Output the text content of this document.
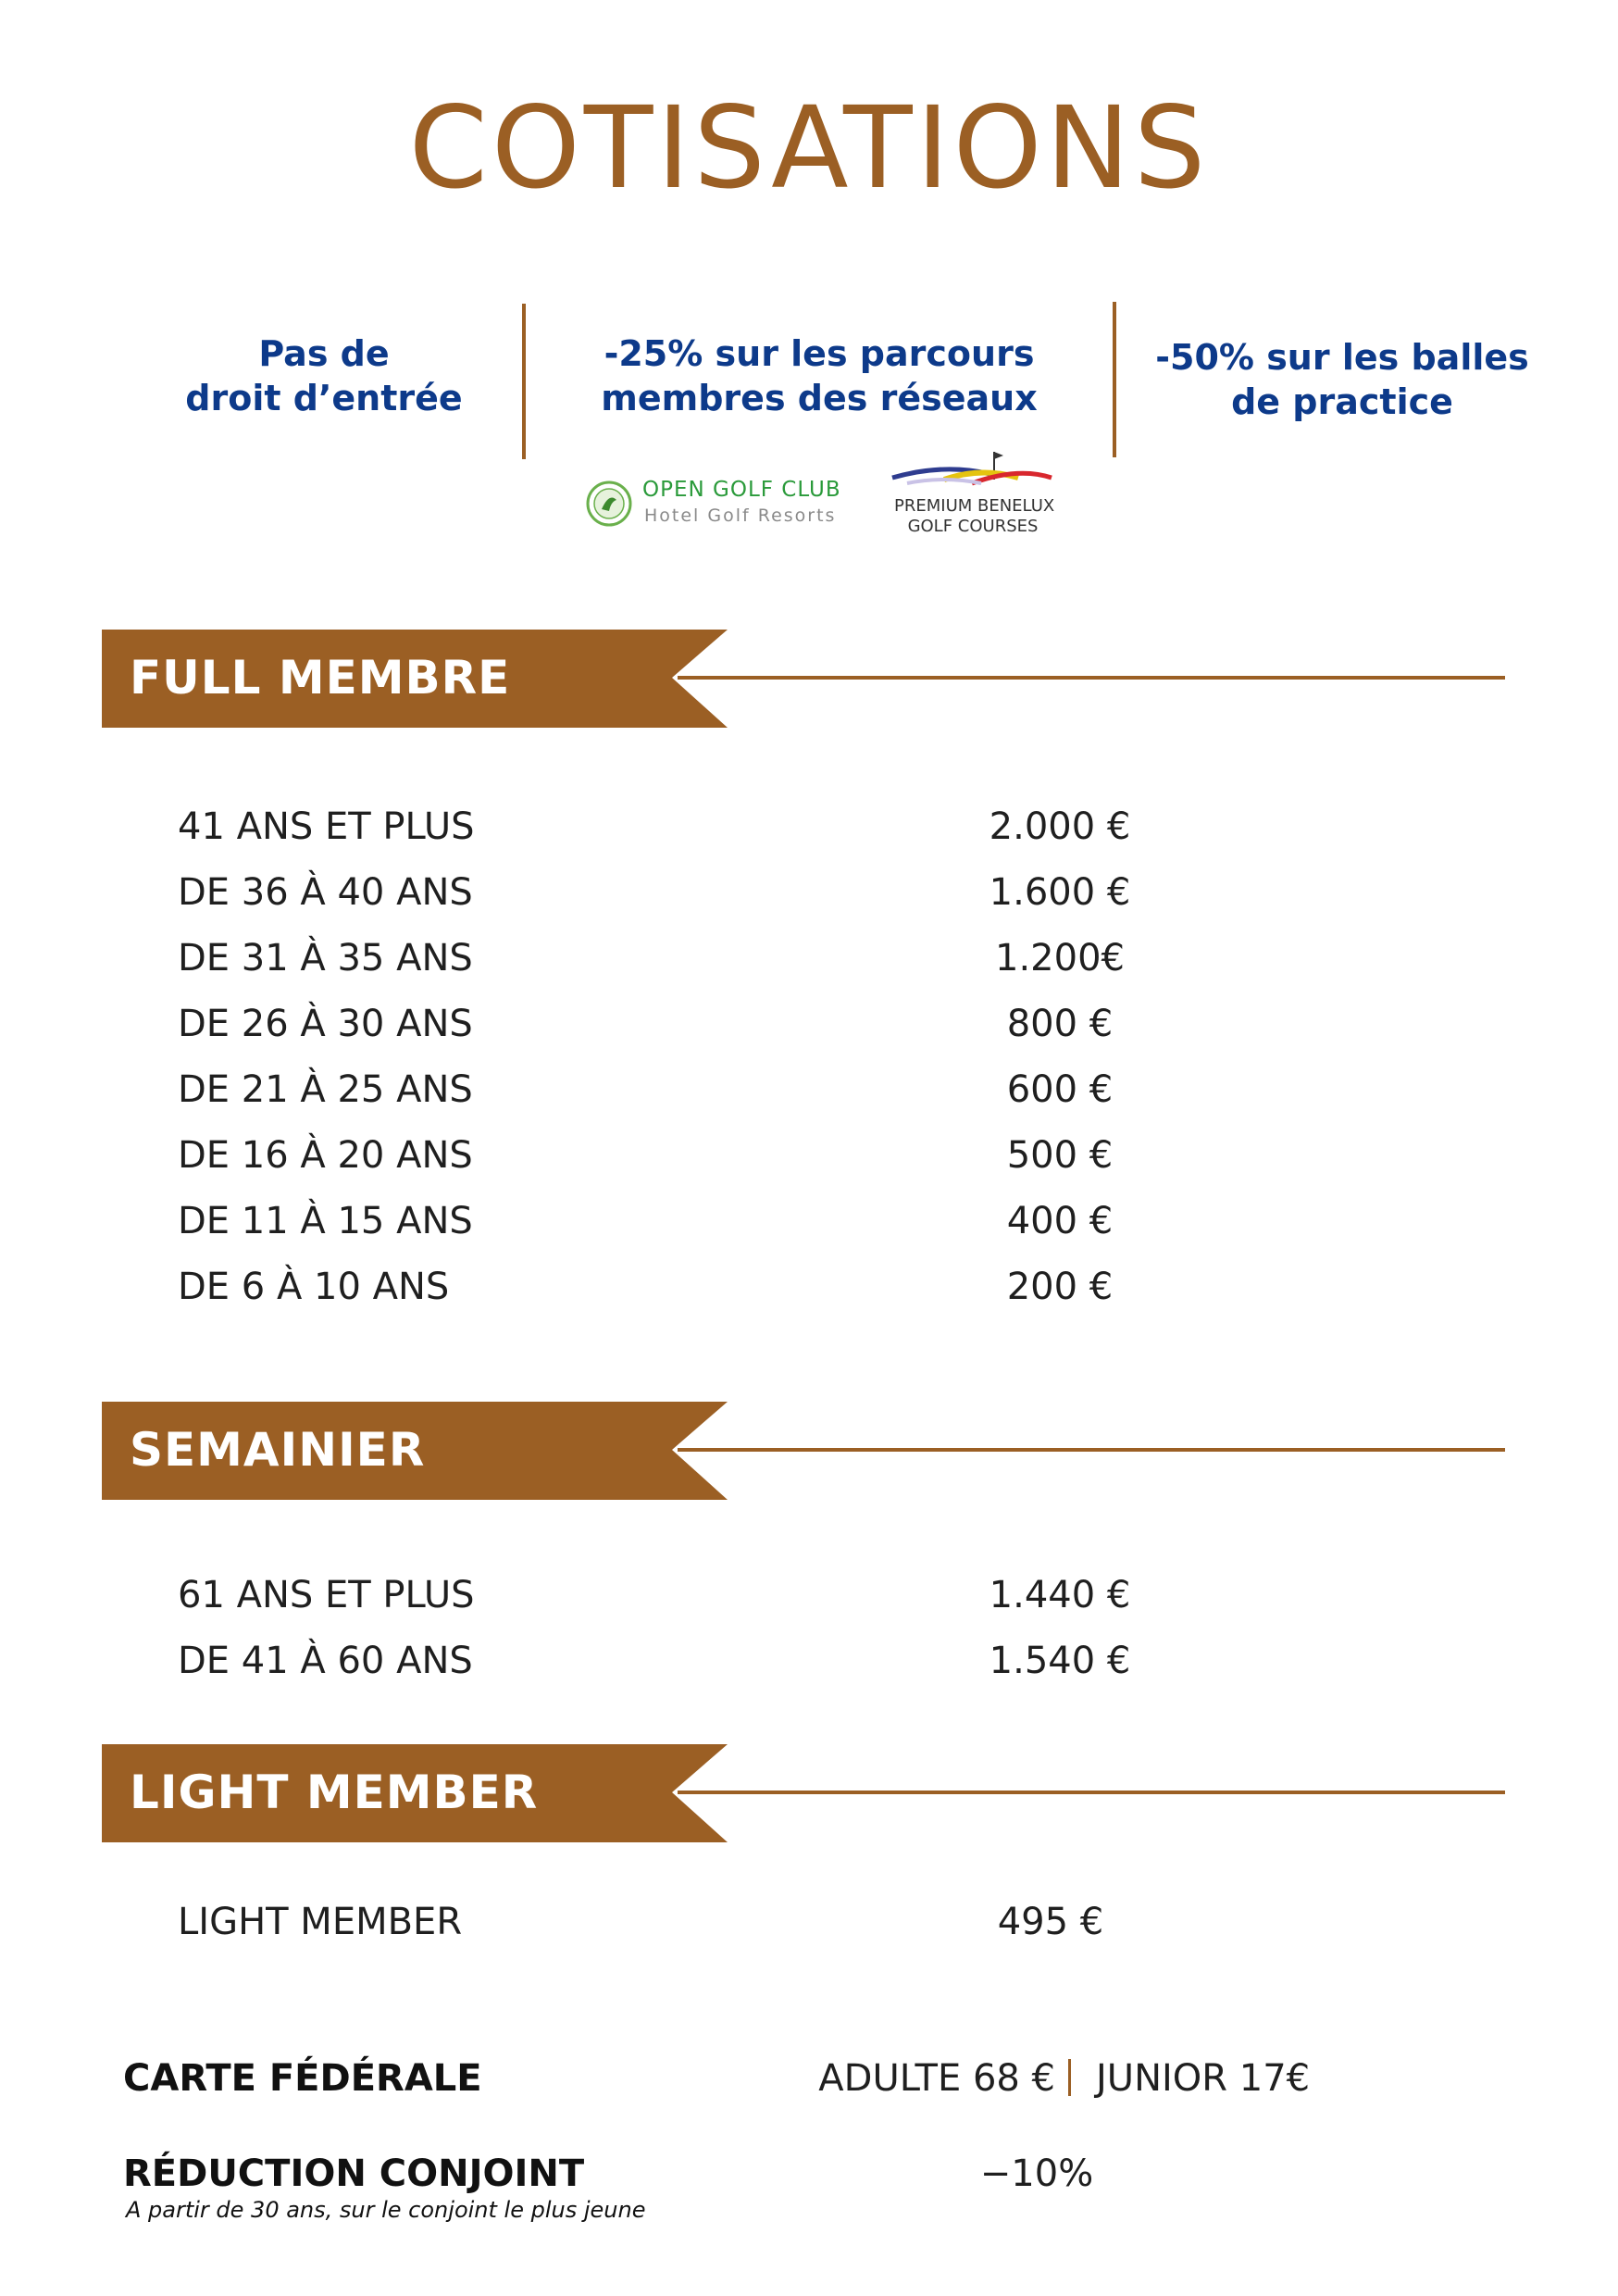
COTISATIONS
Pas de
droit d’entrée
-25% sur les parcours
membres des réseaux
-50% sur les balles
de practice
OPEN GOLF CLUB
Hotel Golf Resorts	PREMIUM BENELUX
GOLF COURSES
FULL MEMBRE
41 ANS ET PLUS	2.000 €
DE 36 À 40 ANS	1.600 €
DE 31 À 35 ANS	1.200€
DE 26 À 30 ANS	800 €
DE 21 À 25 ANS	600 €
DE 16 À 20 ANS	500 €
DE 11 À 15 ANS	400 €
DE 6 À 10 ANS	200 €
SEMAINIER
61 ANS ET PLUS	1.440 €
DE 41 À 60 ANS	1.540 €
LIGHT MEMBER
LIGHT MEMBER	495 €
CARTE FÉDÉRALE	ADULTE 68 € JUNIOR 17€
RÉDUCTION CONJOINT	−10%
A partir de 30 ans, sur le conjoint le plus jeune
